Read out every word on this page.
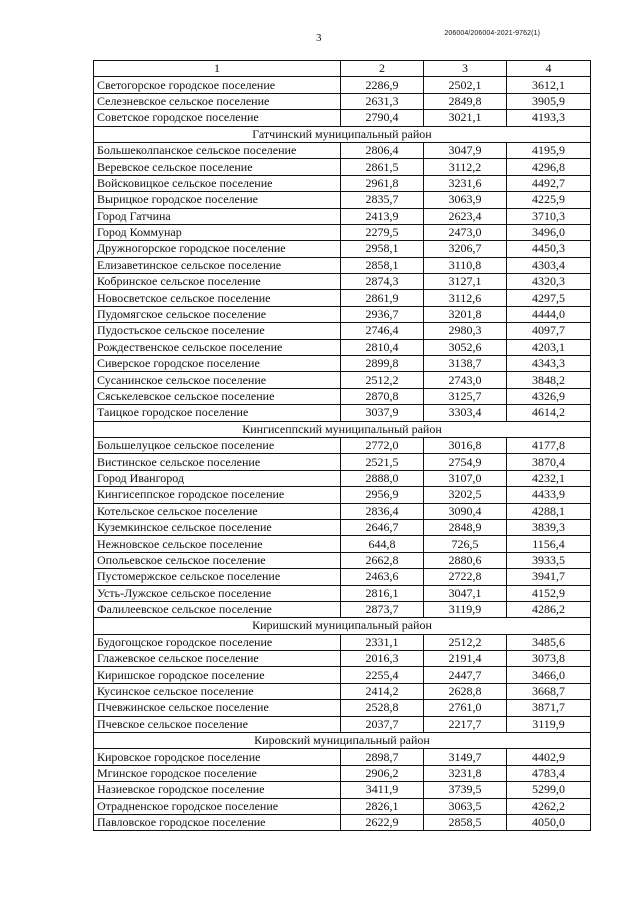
206004/206004-2021-9762(1)
3
1	2	3	4
Светогорское городское поселение	2286,9	2502,1	3612,1
Селезневское сельское поселение	2631,3	2849,8	3905,9
Советское городское поселение	2790,4	3021,1	4193,3
Гатчинский муниципальный район			
Большеколпанское сельское поселение	2806,4	3047,9	4195,9
Веревское сельское поселение	2861,5	3112,2	4296,8
Войсковицкое сельское поселение	2961,8	3231,6	4492,7
Вырицкое городское поселение	2835,7	3063,9	4225,9
Город Гатчина	2413,9	2623,4	3710,3
Город Коммунар	2279,5	2473,0	3496,0
Дружногорское городское поселение	2958,1	3206,7	4450,3
Елизаветинское сельское поселение	2858,1	3110,8	4303,4
Кобринское сельское поселение	2874,3	3127,1	4320,3
Новосветское сельское поселение	2861,9	3112,6	4297,5
Пудомягское сельское поселение	2936,7	3201,8	4444,0
Пудостьское сельское поселение	2746,4	2980,3	4097,7
Рождественское сельское поселение	2810,4	3052,6	4203,1
Сиверское городское поселение	2899,8	3138,7	4343,3
Сусанинское сельское поселение	2512,2	2743,0	3848,2
Сяськелевское сельское поселение	2870,8	3125,7	4326,9
Таицкое городское поселение	3037,9	3303,4	4614,2
Кингисеппский муниципальный район			
Большелуцкое сельское поселение	2772,0	3016,8	4177,8
Вистинское сельское поселение	2521,5	2754,9	3870,4
Город Ивангород	2888,0	3107,0	4232,1
Кингисеппское городское поселение	2956,9	3202,5	4433,9
Котельское сельское поселение	2836,4	3090,4	4288,1
Куземкинское сельское поселение	2646,7	2848,9	3839,3
Нежновское сельское поселение	644,8	726,5	1156,4
Опольевское сельское поселение	2662,8	2880,6	3933,5
Пустомержское сельское поселение	2463,6	2722,8	3941,7
Усть-Лужское сельское поселение	2816,1	3047,1	4152,9
Фалилеевское сельское поселение	2873,7	3119,9	4286,2
Киришский муниципальный район			
Будогощское городское поселение	2331,1	2512,2	3485,6
Глажевское сельское поселение	2016,3	2191,4	3073,8
Киришское городское поселение	2255,4	2447,7	3466,0
Кусинское сельское поселение	2414,2	2628,8	3668,7
Пчевжинское сельское поселение	2528,8	2761,0	3871,7
Пчевское сельское поселение	2037,7	2217,7	3119,9
Кировский муниципальный район			
Кировское городское поселение	2898,7	3149,7	4402,9
Мгинское городское поселение	2906,2	3231,8	4783,4
Назиевское городское поселение	3411,9	3739,5	5299,0
Отрадненское городское поселение	2826,1	3063,5	4262,2
Павловское городское поселение	2622,9	2858,5	4050,0
